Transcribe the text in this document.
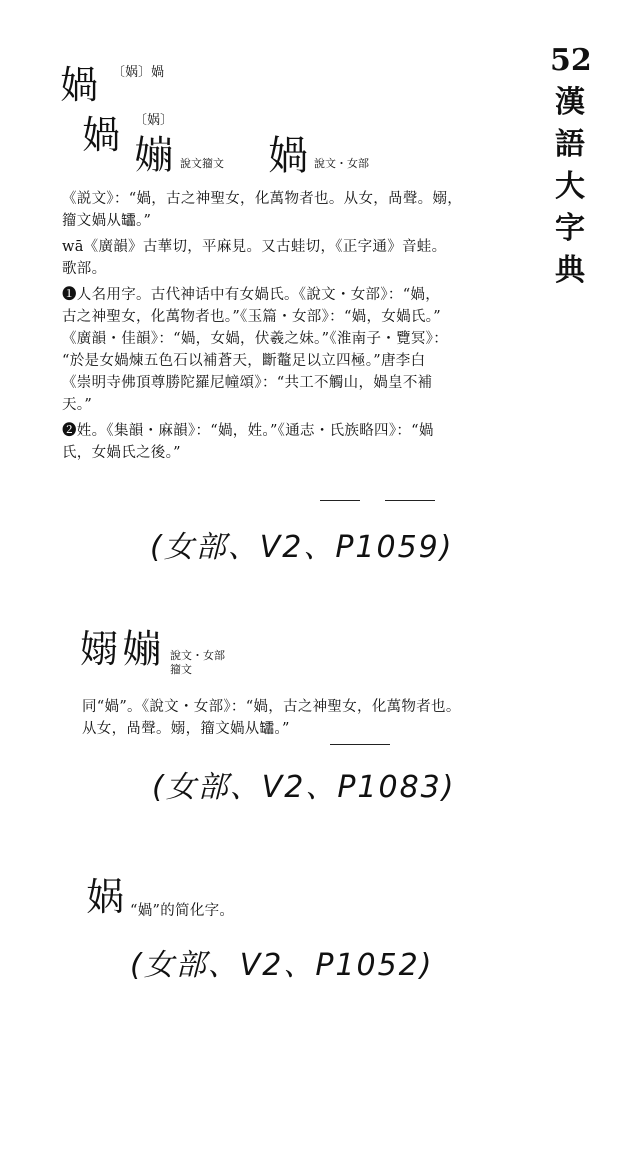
52
漢
語
大
字
典
媧 〔娲〕媧
媧 〔娲〕
𡡈 說文籀文 媧 說文・女部
《説文》：“媧，古之神聖女，化萬物者也。从女，咼聲。嫋，
籀文媧从𦉢。”
wā《廣韻》古華切，平麻見。又古蛙切，《正字通》音蛙。
歌部。
❶人名用字。古代神话中有女媧氏。《說文・女部》：“媧，
古之神聖女，化萬物者也。”《玉篇・女部》：“媧，女媧氏。”
《廣韻・佳韻》：“媧，女媧，伏羲之妹。”《淮南子・覽冥》：
“於是女媧煉五色石以補蒼天，斷鼇足以立四極。”唐李白
《崇明寺佛頂尊勝陀羅尼幢頌》：“共工不觸山，媧皇不補
天。”
❷姓。《集韻・麻韻》：“媧，姓。”《通志・氏族略四》：“媧
氏，女媧氏之後。”
(女部、V2、P1059)
嫋 𡡈 說文・女部
籀文
同“媧”。《說文・女部》：“媧，古之神聖女，化萬物者也。
从女，咼聲。嫋，籀文媧从𦉢。”
(女部、V2、P1083)
娲 “媧”的简化字。
(女部、V2、P1052)
